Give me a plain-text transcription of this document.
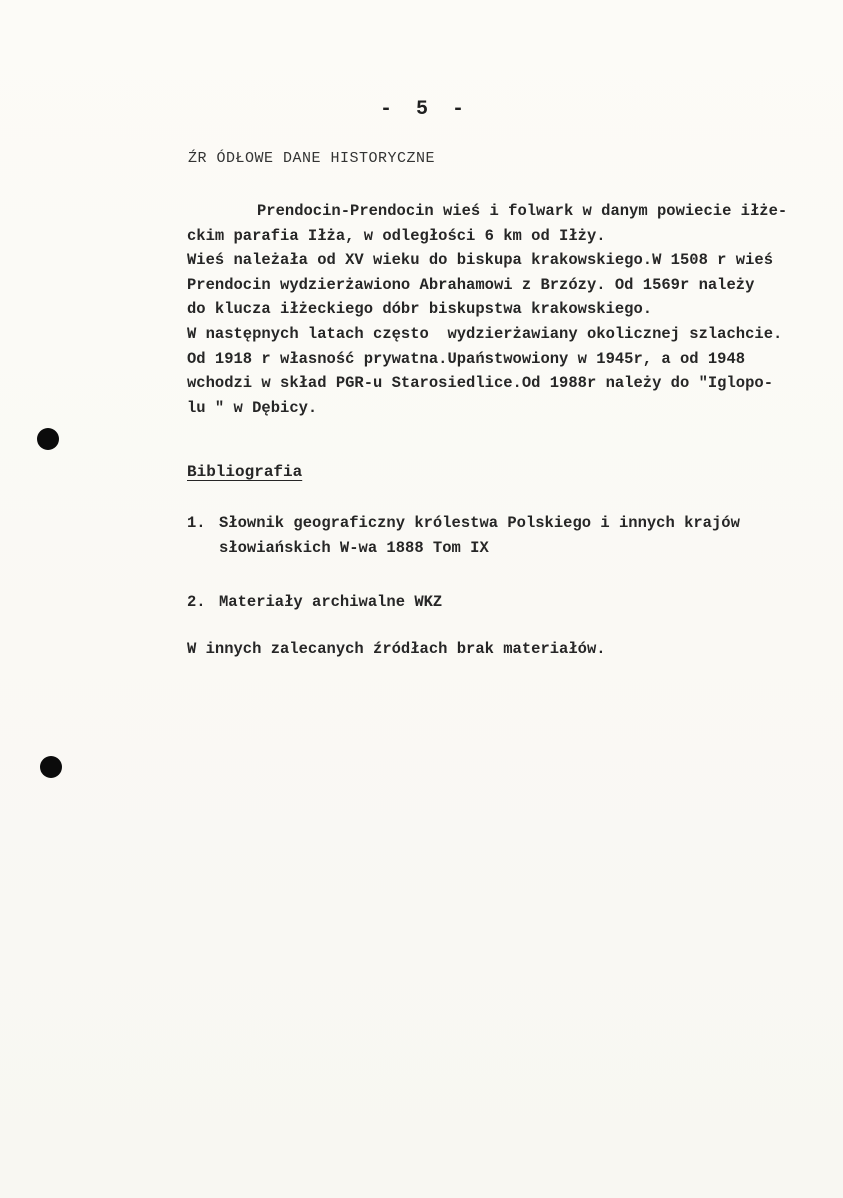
- 5 -
ŹR ÓDŁOWE DANE HISTORYCZNE
Prendocin-Prendocin wieś i folwark w danym powiecie iłże-
ckim parafia Iłża, w odległości 6 km od Iłży.
Wieś należała od XV wieku do biskupa krakowskiego.W 1508 r wieś
Prendocin wydzierżawiono Abrahamowi z Brzózy. Od 1569r należy
do klucza iłżeckiego dóbr biskupstwa krakowskiego.
W następnych latach często  wydzierżawiany okolicznej szlachcie.
Od 1918 r własność prywatna.Upaństwowiony w 1945r, a od 1948
wchodzi w skład PGR-u Starosiedlice.Od 1988r należy do "Iglopo-
lu " w Dębicy.
Bibliografia
1. Słownik geograficzny królestwa Polskiego i innych krajów słowiańskich W-wa 1888 Tom IX
2. Materiały archiwalne WKZ
W innych zalecanych źródłach brak materiałów.
